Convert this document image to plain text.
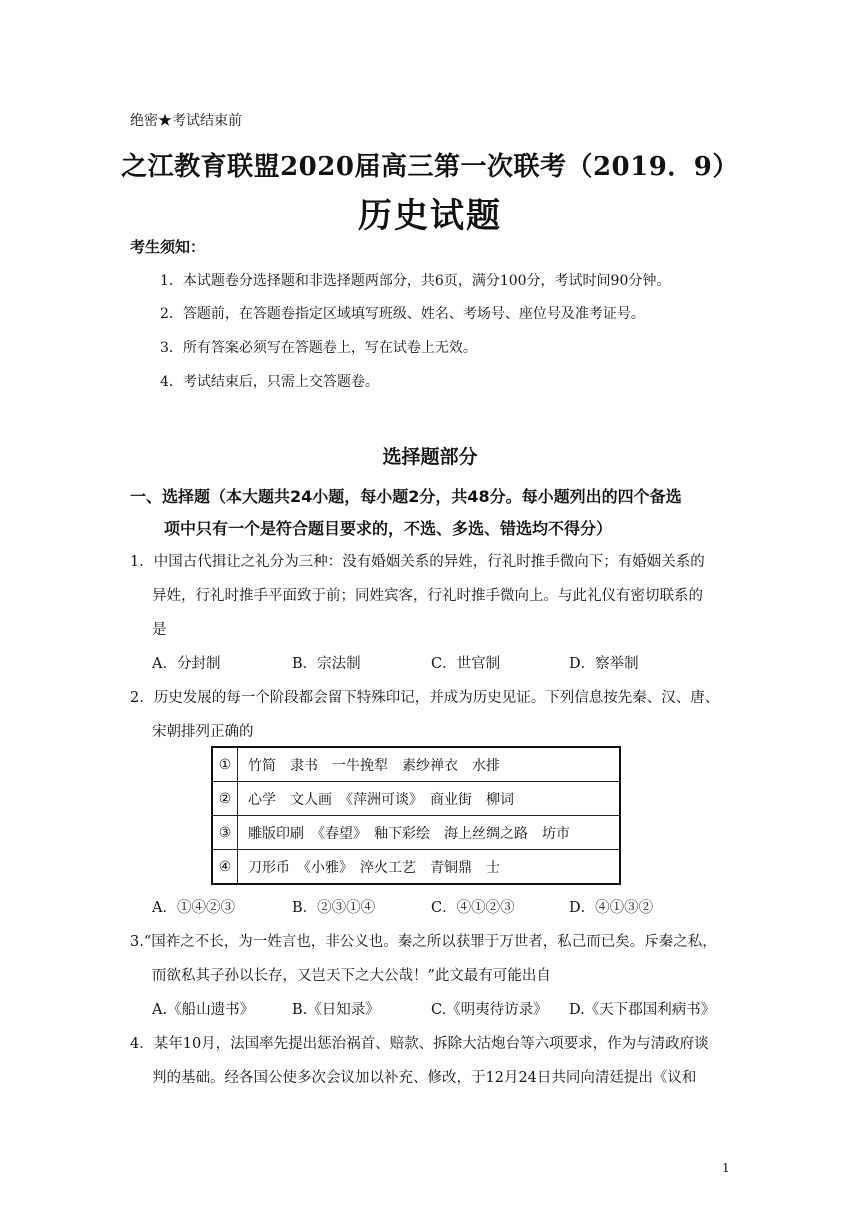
绝密★考试结束前
之江教育联盟2020届高三第一次联考（2019．9）
历史试题
考生须知：
1．本试题卷分选择题和非选择题两部分，共6页，满分100分，考试时间90分钟。
2．答题前，在答题卷指定区域填写班级、姓名、考场号、座位号及准考证号。
3．所有答案必须写在答题卷上，写在试卷上无效。
4．考试结束后，只需上交答题卷。
选择题部分
一、选择题（本大题共24小题，每小题2分，共48分。每小题列出的四个备选
项中只有一个是符合题目要求的，不选、多选、错选均不得分）
1．中国古代揖让之礼分为三种：没有婚姻关系的异姓，行礼时推手微向下；有婚姻关系的
异姓，行礼时推手平面致于前；同姓宾客，行礼时推手微向上。与此礼仪有密切联系的
是
A．分封制	B．宗法制	C．世官制	D．察举制
2．历史发展的每一个阶段都会留下特殊印记，并成为历史见证。下列信息按先秦、汉、唐、
宋朝排列正确的
①	竹简　隶书　一牛挽犁　素纱禅衣　水排
②	心学　文人画　《萍洲可谈》　商业街　柳词
③	雕版印刷　《春望》　釉下彩绘　海上丝绸之路　坊市
④	刀形币　《小雅》　淬火工艺　青铜鼎　士
A．①④②③	B．②③①④	C．④①②③	D．④①③②
3.“国祚之不长，为一姓言也，非公义也。秦之所以获罪于万世者，私己而已矣。斥秦之私，
而欲私其子孙以长存，又岂天下之大公哉！”此文最有可能出自
A.《船山遗书》	B.《日知录》	C.《明夷待访录》 D.《天下郡国利病书》
4．某年10月，法国率先提出惩治祸首、赔款、拆除大沽炮台等六项要求，作为与清政府谈
判的基础。经各国公使多次会议加以补充、修改，于12月24日共同向清廷提出《议和
1
